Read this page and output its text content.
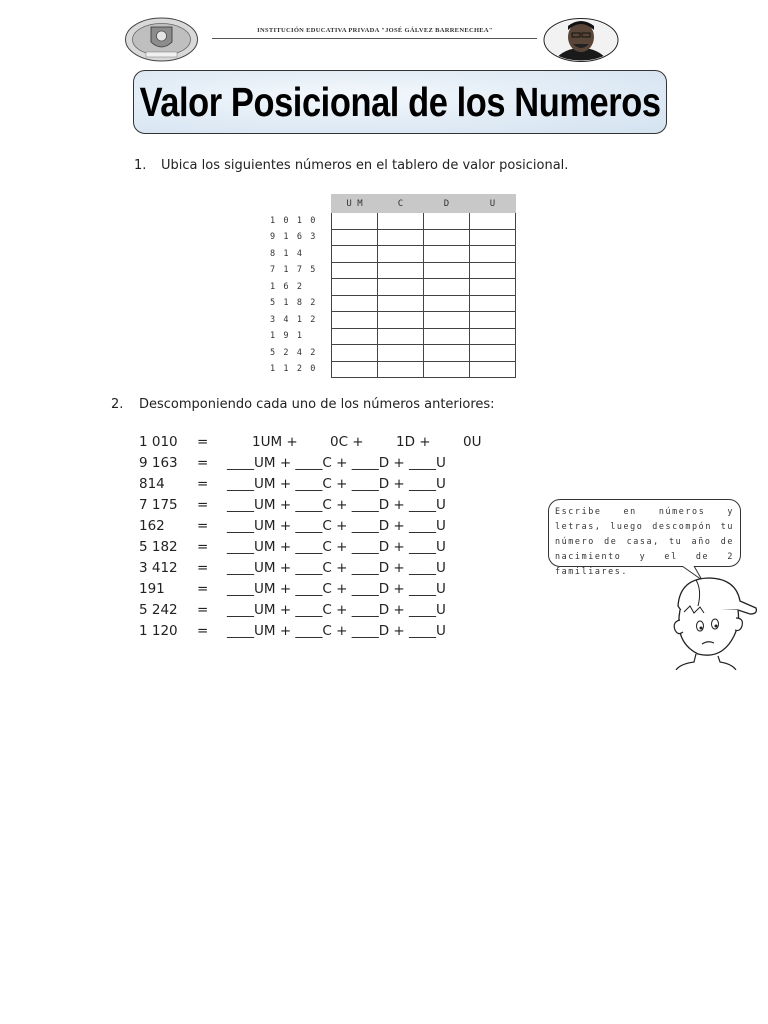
INSTITUCIÓN EDUCATIVA PRIVADA "JOSÉ GÁLVEZ BARRENECHEA"
Valor Posicional de los Numeros
1. Ubica los siguientes números en el tablero de valor posicional.
U M	C	D	U

1 0 1 0
9 1 6 3
8 1 4
7 1 7 5
1 6 2
5 1 8 2
3 4 1 2
1 9 1
5 2 4 2
1 1 2 0
2. Descomponiendo cada uno de los números anteriores:
1 010 =	1UM + 0C + 1D + 0U
9 163 = ____UM + ____C + ____D + ____U
814 = ____UM + ____C + ____D + ____U
7 175 = ____UM + ____C + ____D + ____U
162 = ____UM + ____C + ____D + ____U
5 182 = ____UM + ____C + ____D + ____U
3 412 = ____UM + ____C + ____D + ____U
191 = ____UM + ____C + ____D + ____U
5 242 = ____UM + ____C + ____D + ____U
1 120 = ____UM + ____C + ____D + ____U
Escribe en números y letras, luego descompón tu número de casa, tu año de nacimiento y el de 2 familiares.
